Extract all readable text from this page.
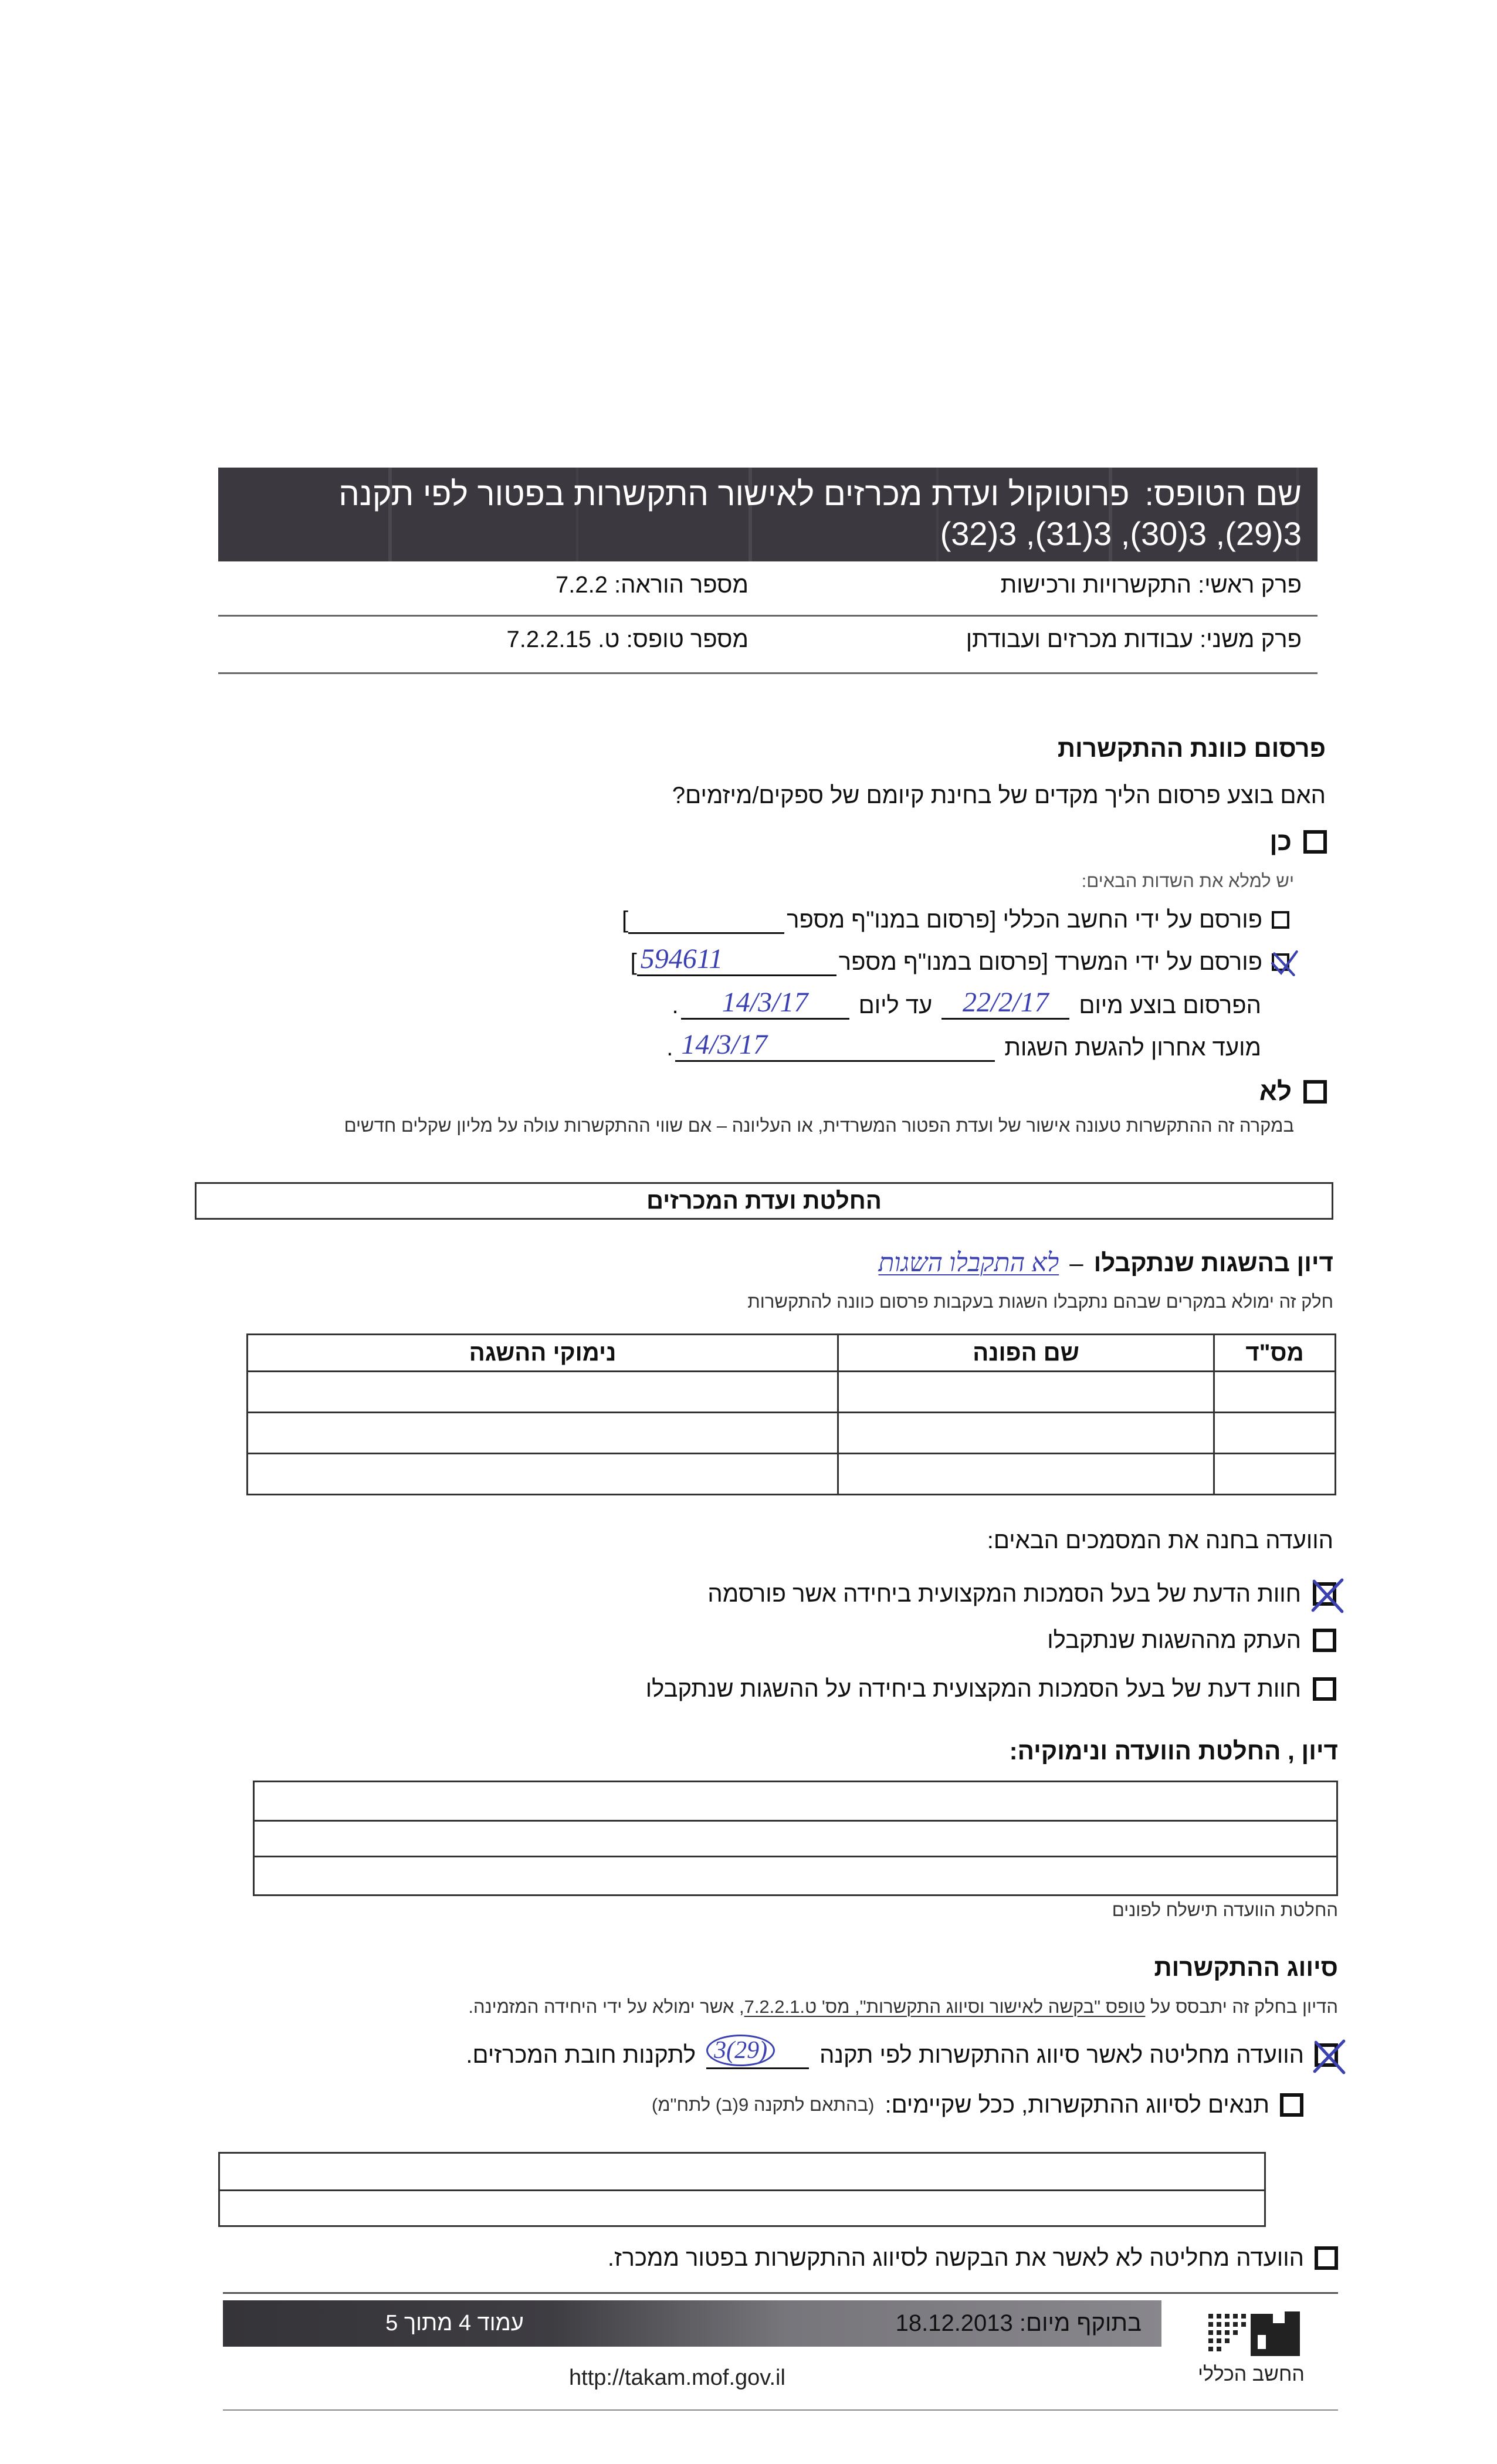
שם הטופס:
פרוטוקול ועדת מכרזים לאישור התקשרות בפטור לפי תקנה
3(29), 3(30), 3(31), 3(32)
פרק ראשי: התקשרויות ורכישות
מספר הוראה: 7.2.2
פרק משני: עבודות מכרזים ועבודתן
מספר טופס: ט. 7.2.2.15
פרסום כוונת ההתקשרות
האם בוצע פרסום הליך מקדים של בחינת קיומם של ספקים/מיזמים?
כן
יש למלא את השדות הבאים:
פורסם על ידי החשב הכללי [פרסום במנו"ף מספר
]
פורסם על ידי המשרד [פרסום במנו"ף מספר
594611
]
הפרסום בוצע מיום
22/2/17
עד ליום
14/3/17
.
מועד אחרון להגשת השגות
14/3/17
.
לא
במקרה זה ההתקשרות טעונה אישור של ועדת הפטור המשרדית, או העליונה – אם שווי ההתקשרות עולה על מליון שקלים חדשים
החלטת ועדת המכרזים
דיון בהשגות שנתקבלו
–
לא התקבלו השגות
חלק זה ימולא במקרים שבהם נתקבלו השגות בעקבות פרסום כוונה להתקשרות
מס"ד	שם הפונה	נימוקי ההשגה

הוועדה בחנה את המסמכים הבאים:
חוות הדעת של בעל הסמכות המקצועית ביחידה אשר פורסמה
העתק מההשגות שנתקבלו
חוות דעת של בעל הסמכות המקצועית ביחידה על ההשגות שנתקבלו
דיון , החלטת הוועדה ונימוקיה:
החלטת הוועדה תישלח לפונים
סיווג ההתקשרות
הדיון בחלק זה יתבסס על טופס "בקשה לאישור וסיווג התקשרות", מס' ט.7.2.2.1, אשר ימולא על ידי היחידה המזמינה.
הוועדה מחליטה לאשר סיווג ההתקשרות לפי תקנה
3(29)
לתקנות חובת המכרזים.
תנאים לסיווג ההתקשרות, ככל שקיימים:
(בהתאם לתקנה 9(ב) לתח"מ)
הוועדה מחליטה לא לאשר את הבקשה לסיווג ההתקשרות בפטור ממכרז.
עמוד 4 מתוך 5	בתוקף מיום: 18.12.2013
החשב הכללי
http://takam.mof.gov.il
